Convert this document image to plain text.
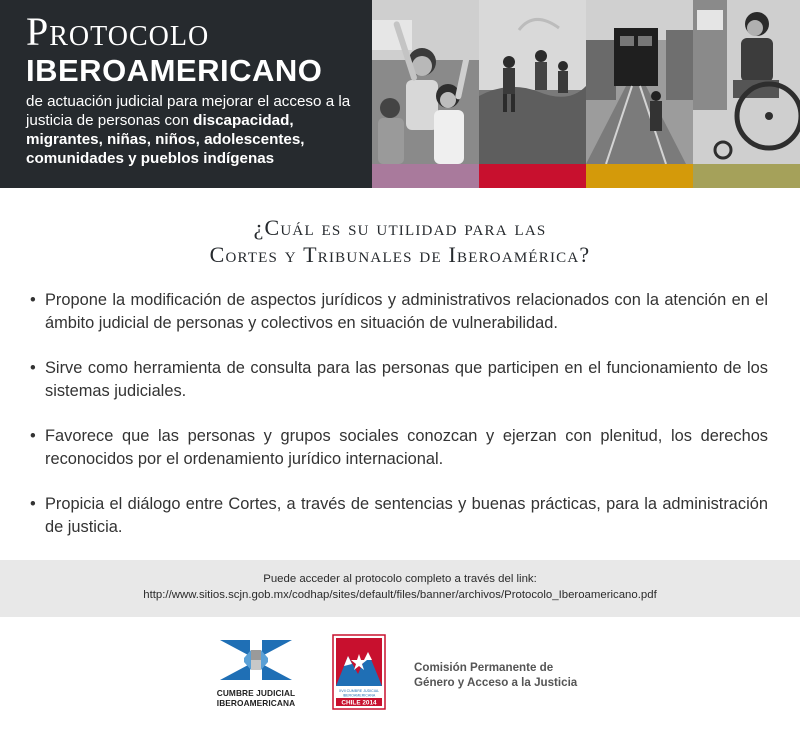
Protocolo
IBEROAMERICANO
de actuación judicial para mejorar el acceso a la justicia de personas con discapacidad, migrantes, niñas, niños, adolescentes, comunidades y pueblos indígenas
¿Cuál es su utilidad para las
Cortes y Tribunales de Iberoamérica?
• Propone la modificación de aspectos jurídicos y administrativos relacionados con la atención en el ámbito judicial de personas y colectivos en situación de vulnerabilidad.
• Sirve como herramienta de consulta para las personas que participen en el funcionamiento de los sistemas judiciales.
• Favorece que las personas y grupos sociales conozcan y ejerzan con plenitud, los derechos reconocidos por el ordenamiento jurídico internacional.
• Propicia el diálogo entre Cortes, a través de sentencias y buenas prácticas, para la administración de justicia.
Puede acceder al protocolo completo a través del link:
http://www.sitios.scjn.gob.mx/codhap/sites/default/files/banner/archivos/Protocolo_Iberoamericano.pdf
CUMBRE JUDICIAL
IBEROAMERICANA
XVII CUMBRE JUDICIAL
IBEROAMERICANA
CHILE 2014
Comisión Permanente de
Género y Acceso a la Justicia
